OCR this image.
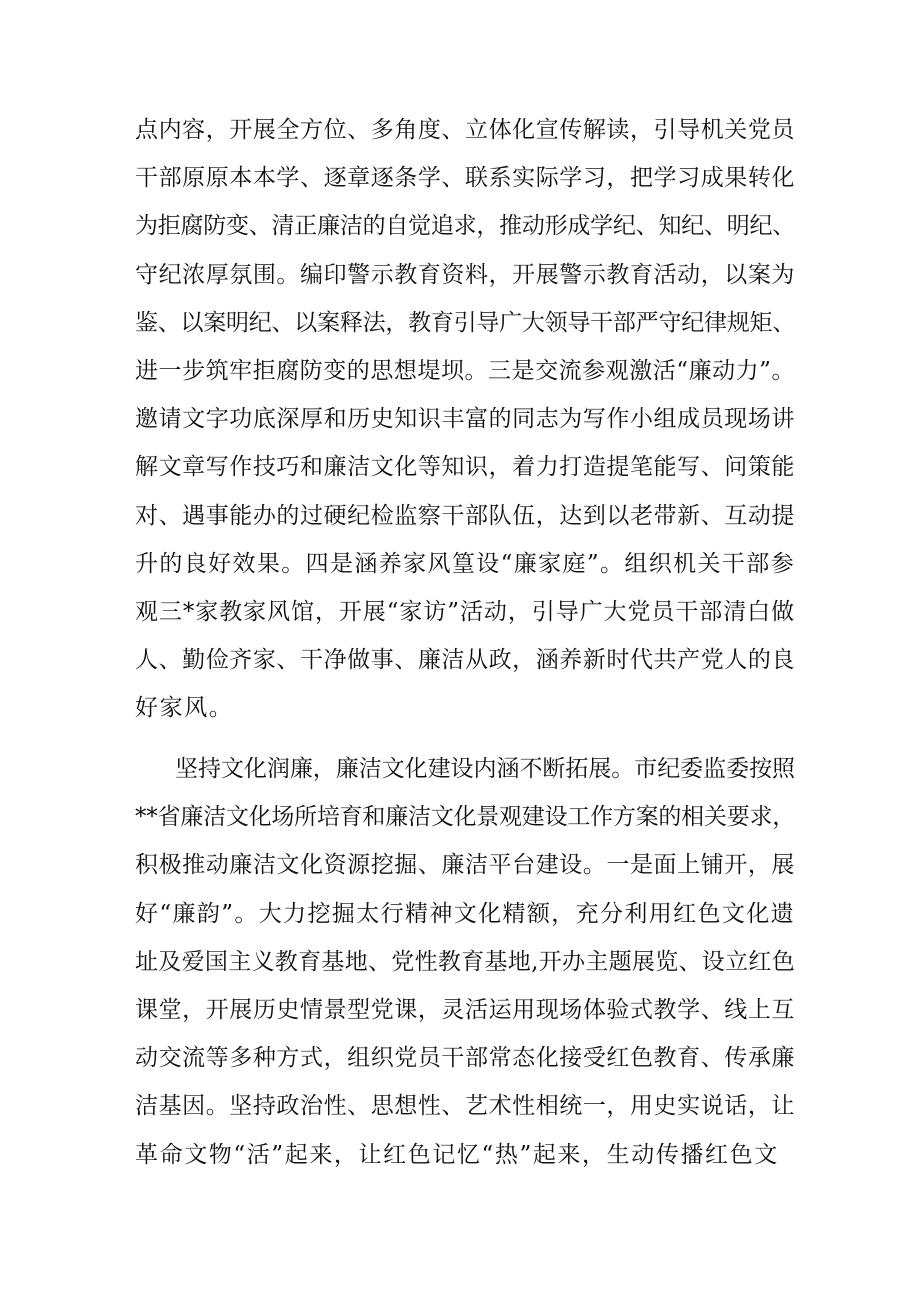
点内容，开展全方位、多角度、立体化宣传解读，引导机关党员
干部原原本本学、逐章逐条学、联系实际学习，把学习成果转化
为拒腐防变、清正廉洁的自觉追求，推动形成学纪、知纪、明纪、
守纪浓厚氛围。编印警示教育资料，开展警示教育活动，以案为
鉴、以案明纪、以案释法，教育引导广大领导干部严守纪律规矩、
进一步筑牢拒腐防变的思想堤坝。三是交流参观激活“廉动力”。
邀请文字功底深厚和历史知识丰富的同志为写作小组成员现场讲
解文章写作技巧和廉洁文化等知识，着力打造提笔能写、问策能
对、遇事能办的过硬纪检监察干部队伍，达到以老带新、互动提
升的良好效果。四是涵养家风篁设“廉家庭”。组织机关干部参
观三*家教家风馆，开展“家访”活动，引导广大党员干部清白做
人、勤俭齐家、干净做事、廉洁从政，涵养新时代共产党人的良
好家风。
坚持文化润廉，廉洁文化建设内涵不断拓展。市纪委监委按照
**省廉洁文化场所培育和廉洁文化景观建设工作方案的相关要求，
积极推动廉洁文化资源挖掘、廉洁平台建设。一是面上铺开，展
好“廉韵”。大力挖掘太行精神文化精额，充分利用红色文化遗
址及爱国主义教育基地、党性教育基地,开办主题展览、设立红色
课堂，开展历史情景型党课，灵活运用现场体验式教学、线上互
动交流等多种方式，组织党员干部常态化接受红色教育、传承廉
洁基因。坚持政治性、思想性、艺术性相统一，用史实说话，让
革命文物“活”起来，让红色记忆“热”起来，生动传播红色文
